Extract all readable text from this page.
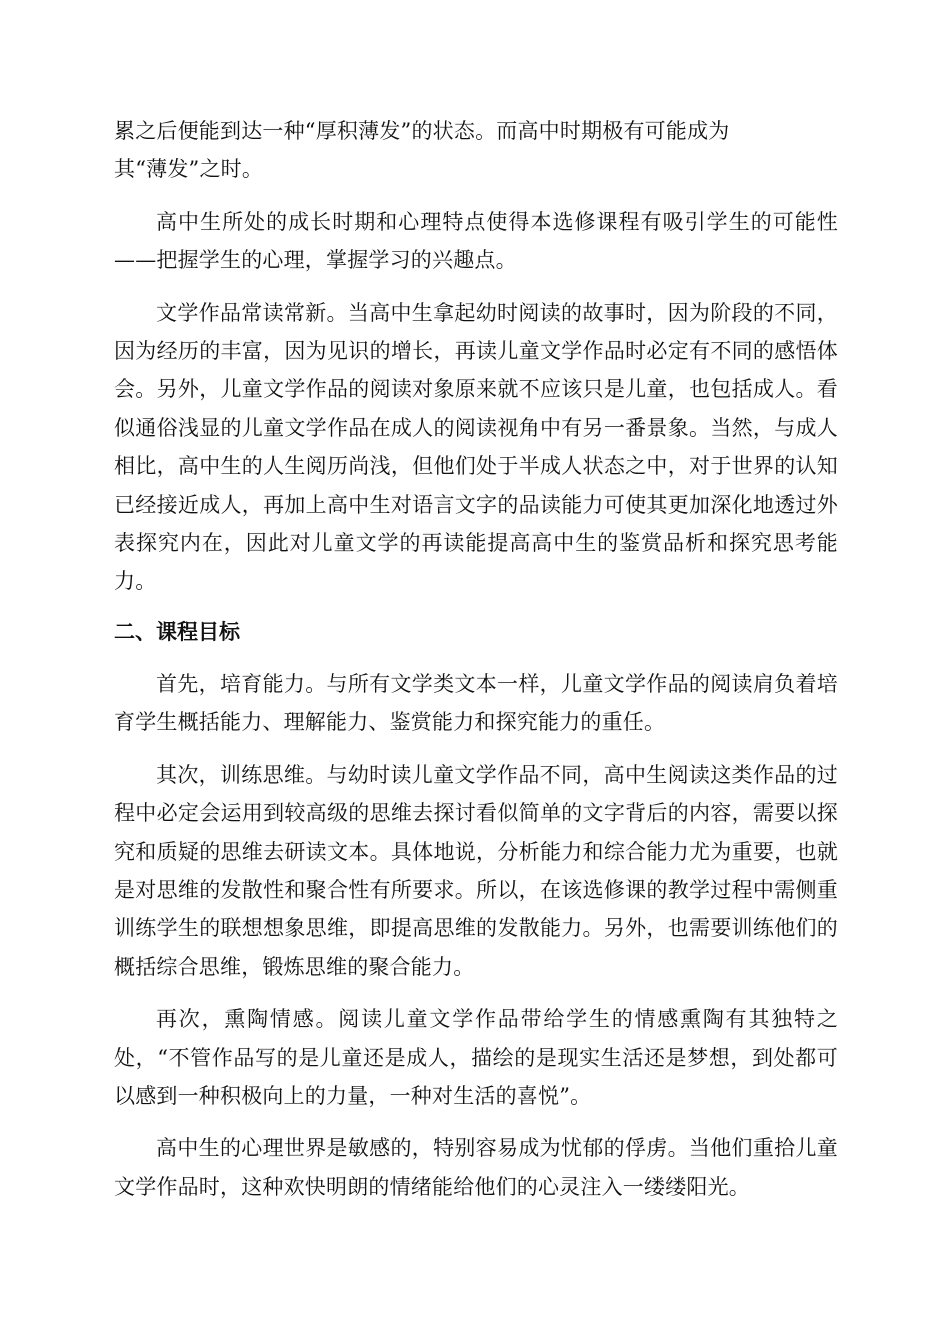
累之后便能到达一种“厚积薄发”的状态。而高中时期极有可能成为
其“薄发”之时。

高中生所处的成长时期和心理特点使得本选修课程有吸引学生的可能性——把握学生的心理，掌握学习的兴趣点。

文学作品常读常新。当高中生拿起幼时阅读的故事时，因为阶段的不同，因为经历的丰富，因为见识的增长，再读儿童文学作品时必定有不同的感悟体会。另外，儿童文学作品的阅读对象原来就不应该只是儿童，也包括成人。看似通俗浅显的儿童文学作品在成人的阅读视角中有另一番景象。当然，与成人相比，高中生的人生阅历尚浅，但他们处于半成人状态之中，对于世界的认知已经接近成人，再加上高中生对语言文字的品读能力可使其更加深化地透过外表探究内在，因此对儿童文学的再读能提高高中生的鉴赏品析和探究思考能力。

二、课程目标

首先，培育能力。与所有文学类文本一样，儿童文学作品的阅读肩负着培育学生概括能力、理解能力、鉴赏能力和探究能力的重任。

其次，训练思维。与幼时读儿童文学作品不同，高中生阅读这类作品的过程中必定会运用到较高级的思维去探讨看似简单的文字背后的内容，需要以探究和质疑的思维去研读文本。具体地说，分析能力和综合能力尤为重要，也就是对思维的发散性和聚合性有所要求。所以，在该选修课的教学过程中需侧重训练学生的联想想象思维，即提高思维的发散能力。另外，也需要训练他们的概括综合思维，锻炼思维的聚合能力。

再次，熏陶情感。阅读儿童文学作品带给学生的情感熏陶有其独特之处，“不管作品写的是儿童还是成人，描绘的是现实生活还是梦想，到处都可以感到一种积极向上的力量，一种对生活的喜悦”。

高中生的心理世界是敏感的，特别容易成为忧郁的俘虏。当他们重拾儿童文学作品时，这种欢快明朗的情绪能给他们的心灵注入一缕缕阳光。
